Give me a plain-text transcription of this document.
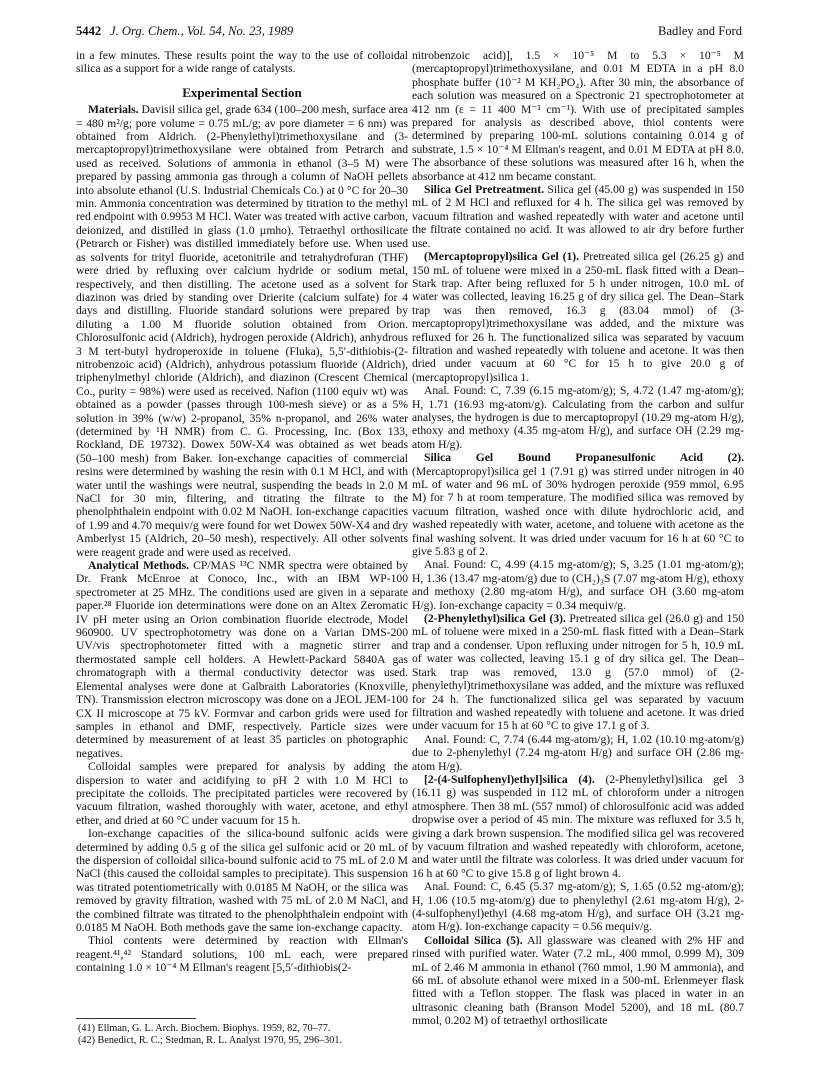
5442 J. Org. Chem., Vol. 54, No. 23, 1989	Badley and Ford

in a few minutes. These results point the way to the use of colloidal silica as a support for a wide range of catalysts.

Experimental Section

Materials. Davisil silica gel, grade 634 (100–200 mesh, surface area = 480 m²/g; pore volume = 0.75 mL/g; av pore diameter = 6 nm) was obtained from Aldrich. (2-Phenylethyl)trimethoxysilane and (3-mercaptopropyl)trimethoxysilane were obtained from Petrarch and used as received. Solutions of ammonia in ethanol (3–5 M) were prepared by passing ammonia gas through a column of NaOH pellets into absolute ethanol (U.S. Industrial Chemicals Co.) at 0 °C for 20–30 min. Ammonia concentration was determined by titration to the methyl red endpoint with 0.9953 M HCl. Water was treated with active carbon, deionized, and distilled in glass (1.0 µmho). Tetraethyl orthosilicate (Petrarch or Fisher) was distilled immediately before use. When used as solvents for trityl fluoride, acetonitrile and tetrahydrofuran (THF) were dried by refluxing over calcium hydride or sodium metal, respectively, and then distilling. The acetone used as a solvent for diazinon was dried by standing over Drierite (calcium sulfate) for 4 days and distilling. Fluoride standard solutions were prepared by diluting a 1.00 M fluoride solution obtained from Orion. Chlorosulfonic acid (Aldrich), hydrogen peroxide (Aldrich), anhydrous 3 M tert-butyl hydroperoxide in toluene (Fluka), 5,5′-dithiobis-(2-nitrobenzoic acid) (Aldrich), anhydrous potassium fluoride (Aldrich), triphenylmethyl chloride (Aldrich), and diazinon (Crescent Chemical Co., purity = 98%) were used as received. Nafion (1100 equiv wt) was obtained as a powder (passes through 100-mesh sieve) or as a 5% solution in 39% (w/w) 2-propanol, 35% n-propanol, and 26% water (determined by ¹H NMR) from C. G. Processing, Inc. (Box 133, Rockland, DE 19732). Dowex 50W-X4 was obtained as wet beads (50–100 mesh) from Baker. Ion-exchange capacities of commercial resins were determined by washing the resin with 0.1 M HCl, and with water until the washings were neutral, suspending the beads in 2.0 M NaCl for 30 min, filtering, and titrating the filtrate to the phenolphthalein endpoint with 0.02 M NaOH. Ion-exchange capacities of 1.99 and 4.70 mequiv/g were found for wet Dowex 50W-X4 and dry Amberlyst 15 (Aldrich, 20–50 mesh), respectively. All other solvents were reagent grade and were used as received.

Analytical Methods. CP/MAS ¹³C NMR spectra were obtained by Dr. Frank McEnroe at Conoco, Inc., with an IBM WP-100 spectrometer at 25 MHz. The conditions used are given in a separate paper.²⁸ Fluoride ion determinations were done on an Altex Zeromatic IV pH meter using an Orion combination fluoride electrode, Model 960900. UV spectrophotometry was done on a Varian DMS-200 UV/vis spectrophotometer fitted with a magnetic stirrer and thermostated sample cell holders. A Hewlett-Packard 5840A gas chromatograph with a thermal conductivity detector was used. Elemental analyses were done at Galbraith Laboratories (Knoxville, TN). Transmission electron microscopy was done on a JEOL JEM-100 CX II microscope at 75 kV. Formvar and carbon grids were used for samples in ethanol and DMF, respectively. Particle sizes were determined by measurement of at least 35 particles on photographic negatives.

Colloidal samples were prepared for analysis by adding the dispersion to water and acidifying to pH 2 with 1.0 M HCl to precipitate the colloids. The precipitated particles were recovered by vacuum filtration, washed thoroughly with water, acetone, and ethyl ether, and dried at 60 °C under vacuum for 15 h.

Ion-exchange capacities of the silica-bound sulfonic acids were determined by adding 0.5 g of the silica gel sulfonic acid or 20 mL of the dispersion of colloidal silica-bound sulfonic acid to 75 mL of 2.0 M NaCl (this caused the colloidal samples to precipitate). This suspension was titrated potentiometrically with 0.0185 M NaOH, or the silica was removed by gravity filtration, washed with 75 mL of 2.0 M NaCl, and the combined filtrate was titrated to the phenolphthalein endpoint with 0.0185 M NaOH. Both methods gave the same ion-exchange capacity.

Thiol contents were determined by reaction with Ellman's reagent.⁴¹,⁴² Standard solutions, 100 mL each, were prepared containing 1.0 × 10⁻⁴ M Ellman's reagent [5,5′-dithiobis(2-

nitrobenzoic acid)], 1.5 × 10⁻⁵ M to 5.3 × 10⁻⁵ M (mercaptopropyl)trimethoxysilane, and 0.01 M EDTA in a pH 8.0 phosphate buffer (10⁻² M KH₂PO₄). After 30 min, the absorbance of each solution was measured on a Spectronic 21 spectrophotometer at 412 nm (ε = 11 400 M⁻¹ cm⁻¹). With use of precipitated samples prepared for analysis as described above, thiol contents were determined by preparing 100-mL solutions containing 0.014 g of substrate, 1.5 × 10⁻⁴ M Ellman's reagent, and 0.01 M EDTA at pH 8.0. The absorbance of these solutions was measured after 16 h, when the absorbance at 412 nm became constant.

Silica Gel Pretreatment. Silica gel (45.00 g) was suspended in 150 mL of 2 M HCl and refluxed for 4 h. The silica gel was removed by vacuum filtration and washed repeatedly with water and acetone until the filtrate contained no acid. It was allowed to air dry before further use.

(Mercaptopropyl)silica Gel (1). Pretreated silica gel (26.25 g) and 150 mL of toluene were mixed in a 250-mL flask fitted with a Dean–Stark trap. After being refluxed for 5 h under nitrogen, 10.0 mL of water was collected, leaving 16.25 g of dry silica gel. The Dean–Stark trap was then removed, 16.3 g (83.04 mmol) of (3-mercaptopropyl)trimethoxysilane was added, and the mixture was refluxed for 26 h. The functionalized silica was separated by vacuum filtration and washed repeatedly with toluene and acetone. It was then dried under vacuum at 60 °C for 15 h to give 20.0 g of (mercaptopropyl)silica 1.

Anal. Found: C, 7.39 (6.15 mg-atom/g); S, 4.72 (1.47 mg-atom/g); H, 1.71 (16.93 mg-atom/g). Calculating from the carbon and sulfur analyses, the hydrogen is due to mercaptopropyl (10.29 mg-atom H/g), ethoxy and methoxy (4.35 mg-atom H/g), and surface OH (2.29 mg-atom H/g).

Silica Gel Bound Propanesulfonic Acid (2). (Mercaptopropyl)silica gel 1 (7.91 g) was stirred under nitrogen in 40 mL of water and 96 mL of 30% hydrogen peroxide (959 mmol, 6.95 M) for 7 h at room temperature. The modified silica was removed by vacuum filtration, washed once with dilute hydrochloric acid, and washed repeatedly with water, acetone, and toluene with acetone as the final washing solvent. It was dried under vacuum for 16 h at 60 °C to give 5.83 g of 2.

Anal. Found: C, 4.99 (4.15 mg-atom/g); S, 3.25 (1.01 mg-atom/g); H, 1.36 (13.47 mg-atom/g) due to (CH₂)₃S (7.07 mg-atom H/g), ethoxy and methoxy (2.80 mg-atom H/g), and surface OH (3.60 mg-atom H/g). Ion-exchange capacity = 0.34 mequiv/g.

(2-Phenylethyl)silica Gel (3). Pretreated silica gel (26.0 g) and 150 mL of toluene were mixed in a 250-mL flask fitted with a Dean–Stark trap and a condenser. Upon refluxing under nitrogen for 5 h, 10.9 mL of water was collected, leaving 15.1 g of dry silica gel. The Dean–Stark trap was removed, 13.0 g (57.0 mmol) of (2-phenylethyl)trimethoxysilane was added, and the mixture was refluxed for 24 h. The functionalized silica gel was separated by vacuum filtration and washed repeatedly with toluene and acetone. It was dried under vacuum for 15 h at 60 °C to give 17.1 g of 3.

Anal. Found: C, 7.74 (6.44 mg-atom/g); H, 1.02 (10.10 mg-atom/g) due to 2-phenylethyl (7.24 mg-atom H/g) and surface OH (2.86 mg-atom H/g).

[2-(4-Sulfophenyl)ethyl]silica (4). (2-Phenylethyl)silica gel 3 (16.11 g) was suspended in 112 mL of chloroform under a nitrogen atmosphere. Then 38 mL (557 mmol) of chlorosulfonic acid was added dropwise over a period of 45 min. The mixture was refluxed for 3.5 h, giving a dark brown suspension. The modified silica gel was recovered by vacuum filtration and washed repeatedly with chloroform, acetone, and water until the filtrate was colorless. It was dried under vacuum for 16 h at 60 °C to give 15.8 g of light brown 4.

Anal. Found: C, 6.45 (5.37 mg-atom/g); S, 1.65 (0.52 mg-atom/g); H, 1.06 (10.5 mg-atom/g) due to phenylethyl (2.61 mg-atom H/g), 2-(4-sulfophenyl)ethyl (4.68 mg-atom H/g), and surface OH (3.21 mg-atom H/g). Ion-exchange capacity = 0.56 mequiv/g.

Colloidal Silica (5). All glassware was cleaned with 2% HF and rinsed with purified water. Water (7.2 mL, 400 mmol, 0.999 M), 309 mL of 2.46 M ammonia in ethanol (760 mmol, 1.90 M ammonia), and 66 mL of absolute ethanol were mixed in a 500-mL Erlenmeyer flask fitted with a Teflon stopper. The flask was placed in water in an ultrasonic cleaning bath (Branson Model 5200), and 18 mL (80.7 mmol, 0.202 M) of tetraethyl orthosilicate

(41) Ellman, G. L. Arch. Biochem. Biophys. 1959, 82, 70–77.
(42) Benedict, R. C.; Stedman, R. L. Analyst 1970, 95, 296–301.
